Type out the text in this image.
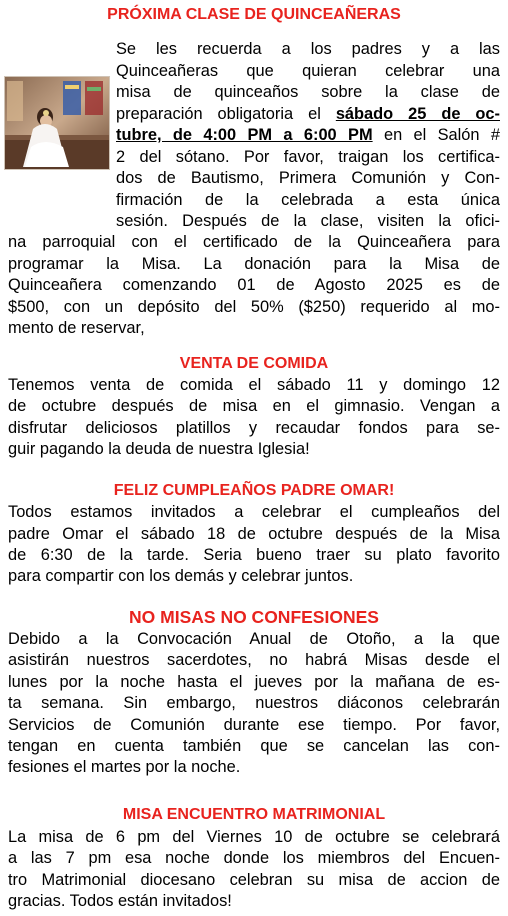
PRÓXIMA CLASE DE QUINCEAÑERAS
Se les recuerda a los padres y a las
Quinceañeras que quieran celebrar una
misa de quinceaños sobre la clase de
preparación obligatoria el sábado 25 de oc-
tubre, de 4:00 PM a 6:00 PM en el Salón #
2 del sótano. Por favor, traigan los certifica-
dos de Bautismo, Primera Comunión y Con-
firmación de la celebrada a esta única
sesión. Después de la clase, visiten la ofici-
na parroquial con el certificado de la Quinceañera para
programar la Misa. La donación para la Misa de
Quinceañera comenzando 01 de Agosto 2025 es de
$500, con un depósito del 50% ($250) requerido al mo-
mento de reservar,
VENTA DE COMIDA
Tenemos venta de comida el sábado 11 y domingo 12
de octubre después de misa en el gimnasio. Vengan a
disfrutar deliciosos platillos y recaudar fondos para se-
guir pagando la deuda de nuestra Iglesia!
FELIZ CUMPLEAÑOS PADRE OMAR!
Todos estamos invitados a celebrar el cumpleaños del
padre Omar el sábado 18 de octubre después de la Misa
de 6:30 de la tarde. Seria bueno traer su plato favorito
para compartir con los demás y celebrar juntos.
NO MISAS NO CONFESIONES
Debido a la Convocación Anual de Otoño, a la que
asistirán nuestros sacerdotes, no habrá Misas desde el
lunes por la noche hasta el jueves por la mañana de es-
ta semana. Sin embargo, nuestros diáconos celebrarán
Servicios de Comunión durante ese tiempo. Por favor,
tengan en cuenta también que se cancelan las con-
fesiones el martes por la noche.
MISA ENCUENTRO MATRIMONIAL
La misa de 6 pm del Viernes 10 de octubre se celebrará
a las 7 pm esa noche donde los miembros del Encuen-
tro Matrimonial diocesano celebran su misa de accion de
gracias. Todos están invitados!
